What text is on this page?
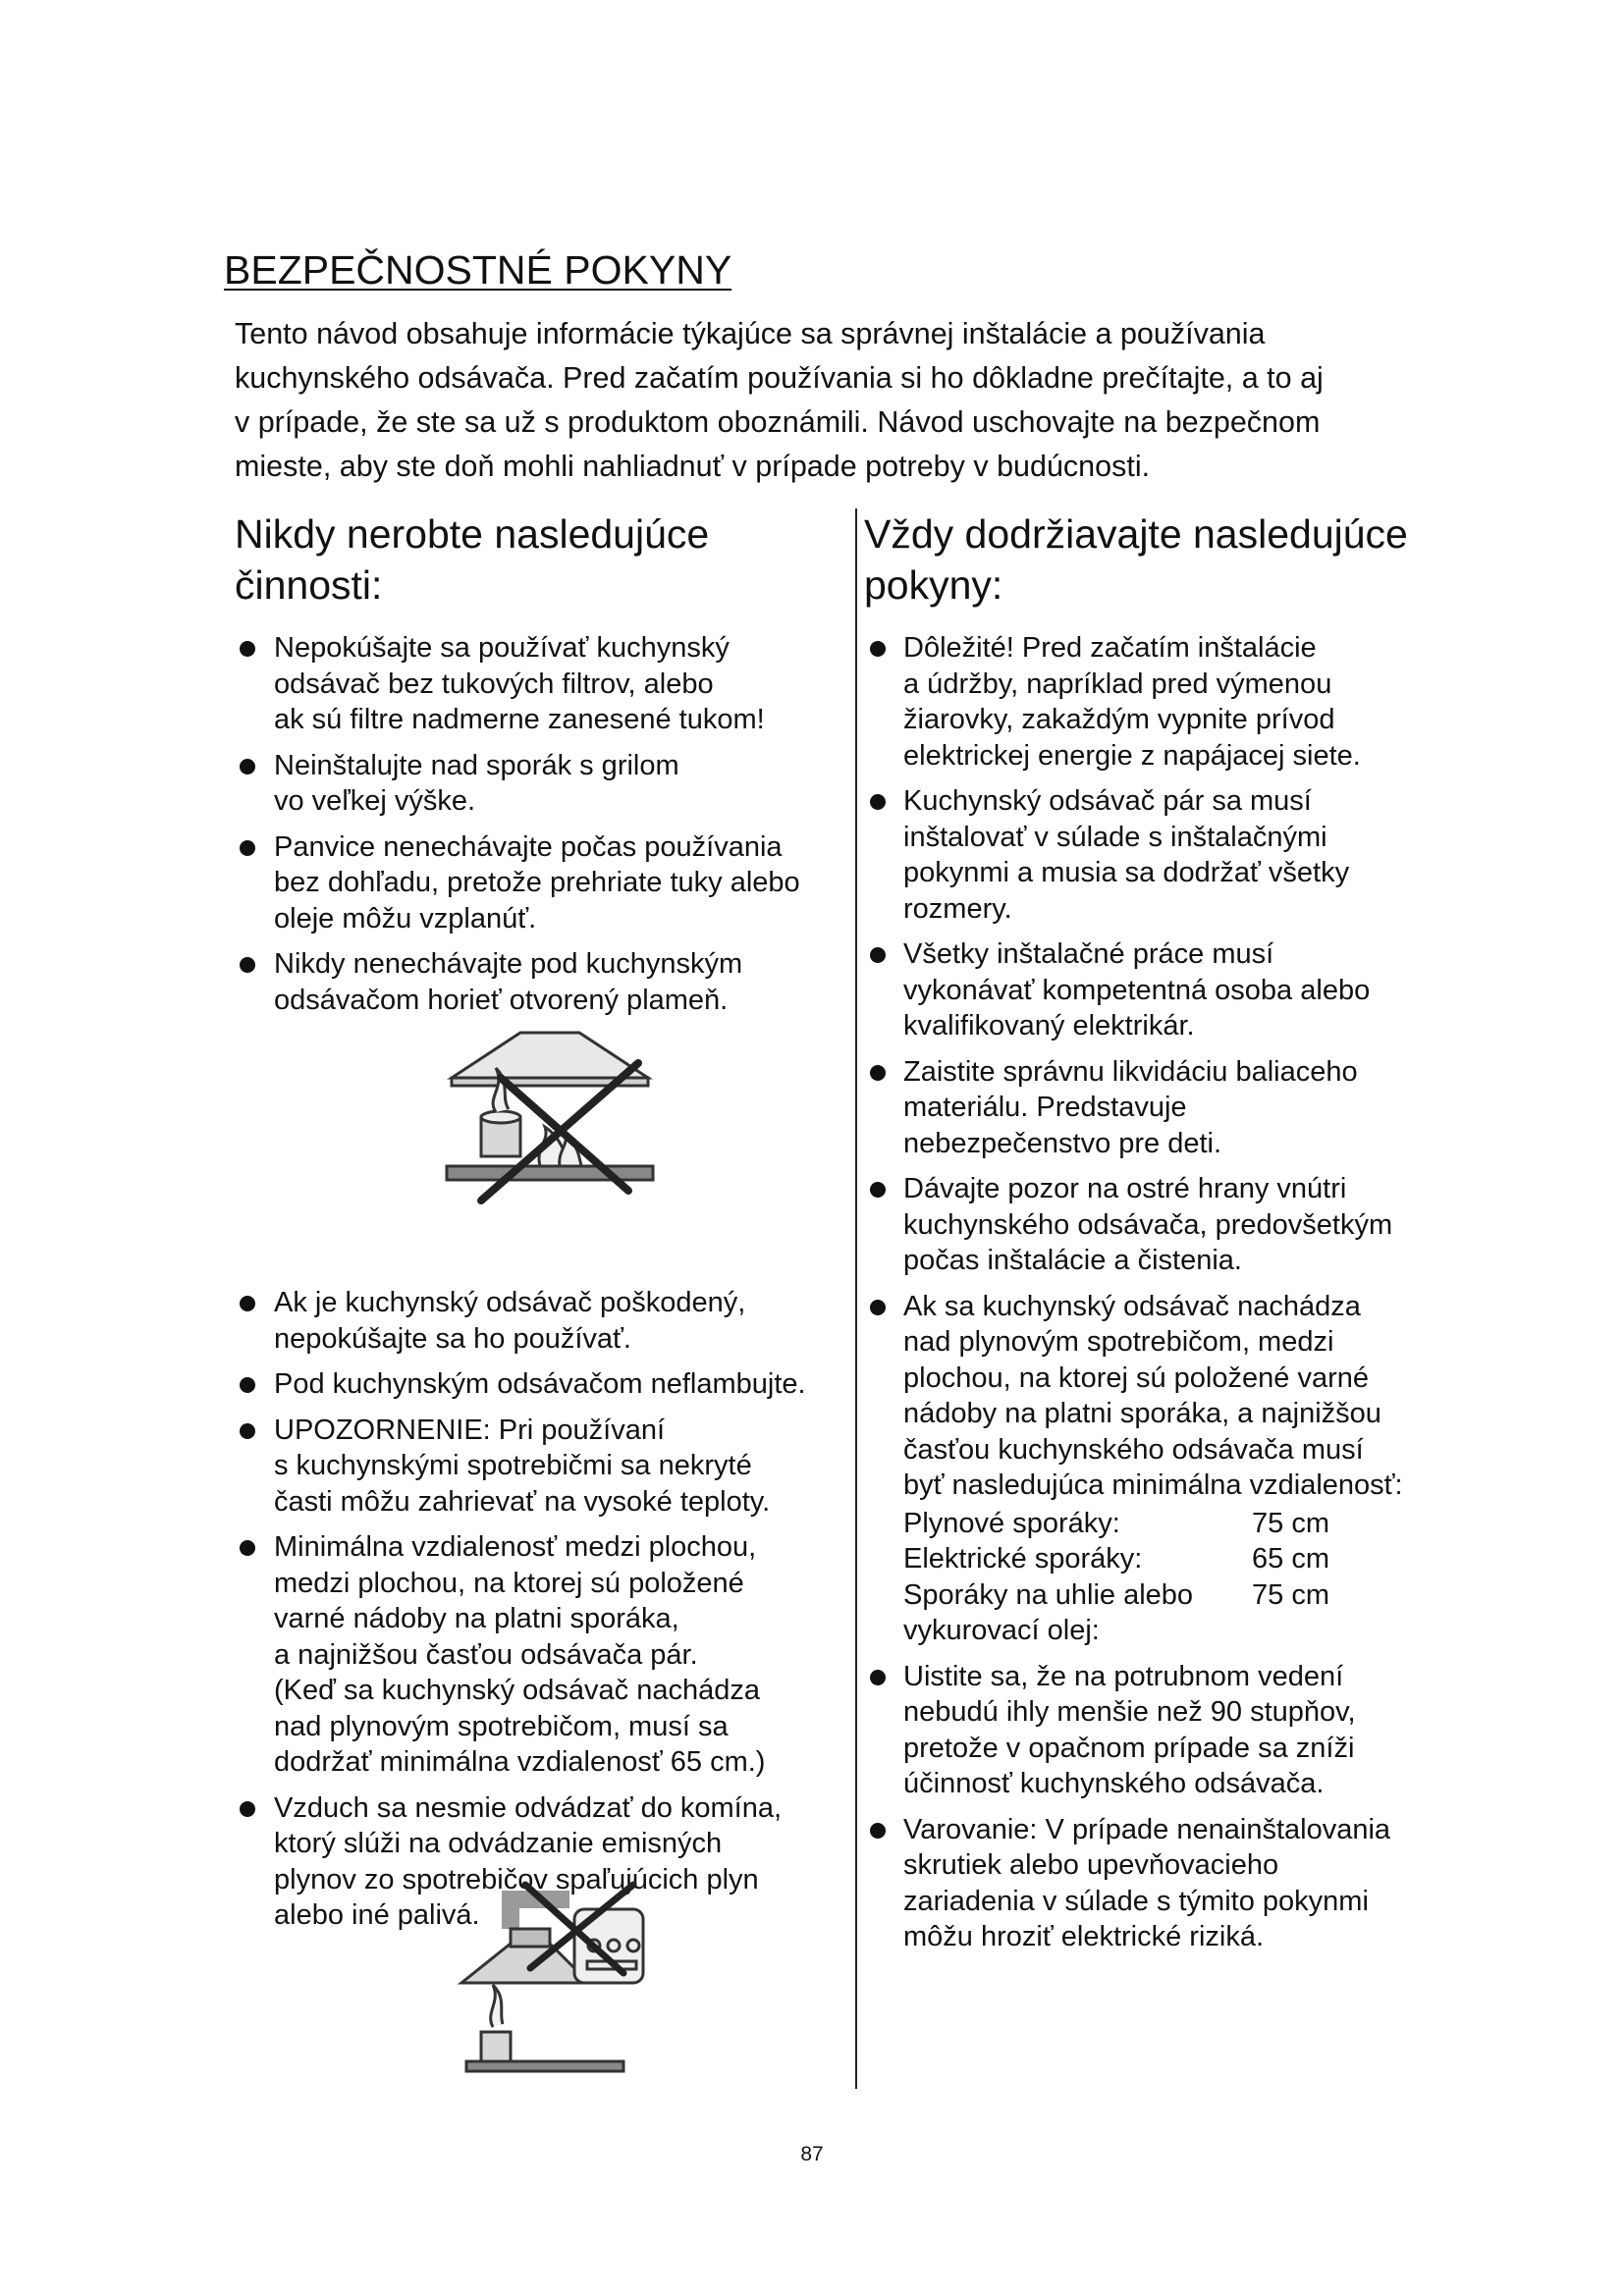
BEZPEČNOSTNÉ POKYNY
Tento návod obsahuje informácie týkajúce sa správnej inštalácie a používania
kuchynského odsávača. Pred začatím používania si ho dôkladne prečítajte, a to aj
v prípade, že ste sa už s produktom oboznámili. Návod uschovajte na bezpečnom
mieste, aby ste doň mohli nahliadnuť v prípade potreby v budúcnosti.
Nikdy nerobte nasledujúce
činnosti:
Nepokúšajte sa používať kuchynský
odsávač bez tukových filtrov, alebo
ak sú filtre nadmerne zanesené tukom!
Neinštalujte nad sporák s grilom
vo veľkej výške.
Panvice nenechávajte počas používania
bez dohľadu, pretože prehriate tuky alebo
oleje môžu vzplanúť.
Nikdy nenechávajte pod kuchynským
odsávačom horieť otvorený plameň.
Ak je kuchynský odsávač poškodený,
nepokúšajte sa ho používať.
Pod kuchynským odsávačom neflambujte.
UPOZORNENIE: Pri používaní
s kuchynskými spotrebičmi sa nekryté
časti môžu zahrievať na vysoké teploty.
Minimálna vzdialenosť medzi plochou,
medzi plochou, na ktorej sú položené
varné nádoby na platni sporáka,
a najnižšou časťou odsávača pár.
(Keď sa kuchynský odsávač nachádza
nad plynovým spotrebičom, musí sa
dodržať minimálna vzdialenosť 65 cm.)
Vzduch sa nesmie odvádzať do komína,
ktorý slúži na odvádzanie emisných
plynov zo spotrebičov spaľujúcich plyn
alebo iné palivá.
Vždy dodržiavajte nasledujúce
pokyny:
Dôležité! Pred začatím inštalácie
a údržby, napríklad pred výmenou
žiarovky, zakaždým vypnite prívod
elektrickej energie z napájacej siete.
Kuchynský odsávač pár sa musí
inštalovať v súlade s inštalačnými
pokynmi a musia sa dodržať všetky
rozmery.
Všetky inštalačné práce musí
vykonávať kompetentná osoba alebo
kvalifikovaný elektrikár.
Zaistite správnu likvidáciu baliaceho
materiálu. Predstavuje
nebezpečenstvo pre deti.
Dávajte pozor na ostré hrany vnútri
kuchynského odsávača, predovšetkým
počas inštalácie a čistenia.
Ak sa kuchynský odsávač nachádza
nad plynovým spotrebičom, medzi
plochou, na ktorej sú položené varné
nádoby na platni sporáka, a najnižšou
časťou kuchynského odsávača musí
byť nasledujúca minimálna vzdialenosť:
Plynové sporáky:	75 cm
Elektrické sporáky:	65 cm
Sporáky na uhlie alebo	75 cm
vykurovací olej:
Uistite sa, že na potrubnom vedení
nebudú ihly menšie než 90 stupňov,
pretože v opačnom prípade sa zníži
účinnosť kuchynského odsávača.
Varovanie: V prípade nenainštalovania
skrutiek alebo upevňovacieho
zariadenia v súlade s týmito pokynmi
môžu hroziť elektrické riziká.
87
